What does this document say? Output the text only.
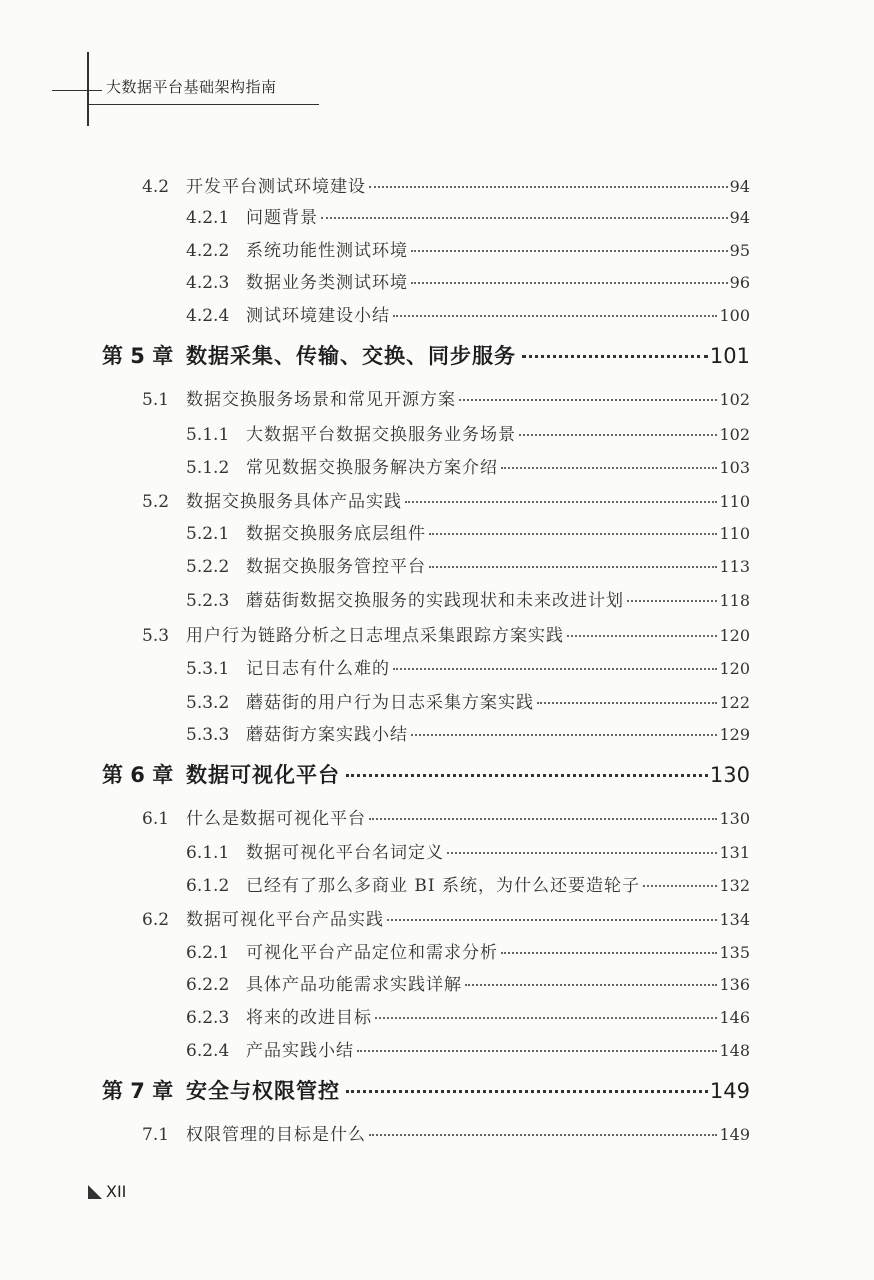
大数据平台基础架构指南
4.2 开发平台测试环境建设	94
4.2.1 问题背景	94
4.2.2 系统功能性测试环境	95
4.2.3 数据业务类测试环境	96
4.2.4 测试环境建设小结	100
第 5 章 数据采集、传输、交换、同步服务	101
5.1 数据交换服务场景和常见开源方案	102
5.1.1 大数据平台数据交换服务业务场景	102
5.1.2 常见数据交换服务解决方案介绍	103
5.2 数据交换服务具体产品实践	110
5.2.1 数据交换服务底层组件	110
5.2.2 数据交换服务管控平台	113
5.2.3 蘑菇街数据交换服务的实践现状和未来改进计划	118
5.3 用户行为链路分析之日志埋点采集跟踪方案实践	120
5.3.1 记日志有什么难的	120
5.3.2 蘑菇街的用户行为日志采集方案实践	122
5.3.3 蘑菇街方案实践小结	129
第 6 章 数据可视化平台	130
6.1 什么是数据可视化平台	130
6.1.1 数据可视化平台名词定义	131
6.1.2 已经有了那么多商业 BI 系统，为什么还要造轮子	132
6.2 数据可视化平台产品实践	134
6.2.1 可视化平台产品定位和需求分析	135
6.2.2 具体产品功能需求实践详解	136
6.2.3 将来的改进目标	146
6.2.4 产品实践小结	148
第 7 章 安全与权限管控	149
7.1 权限管理的目标是什么	149
XII
